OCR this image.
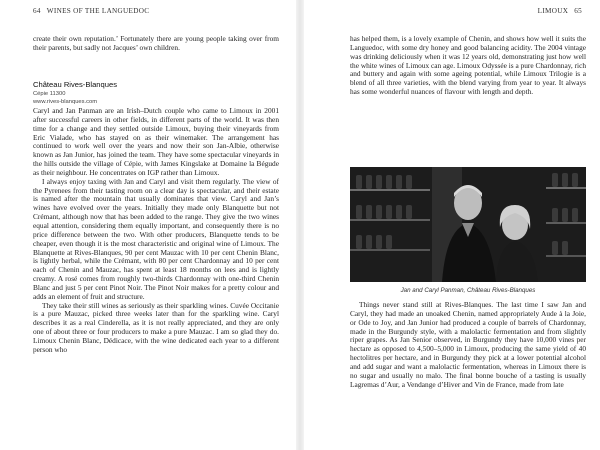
64 WINES OF THE LANGUEDOC

create their own reputation.’ Fortunately there are young people taking over from their parents, but sadly not Jacques’ own children.

Château Rives-Blanques
Cépie 11300
www.rives-blanques.com

Caryl and Jan Panman are an Irish–Dutch couple who came to Limoux in 2001 after successful careers in other fields, in different parts of the world. It was then time for a change and they settled outside Limoux, buying their vineyards from Eric Vialade, who has stayed on as their winemaker. The arrangement has continued to work well over the years and now their son Jan-Albie, otherwise known as Jan Junior, has joined the team. They have some spectacular vineyards in the hills outside the village of Cépie, with James Kingslake at Domaine la Bégude as their neighbour. He concentrates on IGP rather than Limoux.

I always enjoy taxing with Jan and Caryl and visit them regularly. The view of the Pyrenees from their tasting room on a clear day is spectacular, and their estate is named after the mountain that usually dominates that view. Caryl and Jan’s wines have evolved over the years. Initially they made only Blanquette but not Crémant, although now that has been added to the range. They give the two wines equal attention, considering them equally important, and consequently there is no price difference between the two. With other producers, Blanquette tends to be cheaper, even though it is the most characteristic and original wine of Limoux. The Blanquette at Rives-Blanques, 90 per cent Mauzac with 10 per cent Chenin Blanc, is lightly herbal, while the Crémant, with 80 per cent Chardonnay and 10 per cent each of Chenin and Mauzac, has spent at least 18 months on lees and is lightly creamy. A rosé comes from roughly two-thirds Chardonnay with one-third Chenin Blanc and just 5 per cent Pinot Noir. The Pinot Noir makes for a pretty colour and adds an element of fruit and structure.

They take their still wines as seriously as their sparkling wines. Cuvée Occitanie is a pure Mauzac, picked three weeks later than for the sparkling wine. Caryl describes it as a real Cinderella, as it is not really appreciated, and they are only one of about three or four producers to make a pure Mauzac. I am so glad they do. Limoux Chenin Blanc, Dédicace, with the wine dedicated each year to a different person who

LIMOUX 65

has helped them, is a lovely example of Chenin, and shows how well it suits the Languedoc, with some dry honey and good balancing acidity. The 2004 vintage was drinking deliciously when it was 12 years old, demonstrating just how well the white wines of Limoux can age. Limoux Odyssée is a pure Chardonnay, rich and buttery and again with some ageing potential, while Limoux Trilogie is a blend of all three varieties, with the blend varying from year to year. It always has some wonderful nuances of flavour with length and depth.

Jan and Caryl Panman, Château Rives-Blanques

Things never stand still at Rives-Blanques. The last time I saw Jan and Caryl, they had made an unoaked Chenin, named appropriately Aude à la Joie, or Ode to Joy, and Jan Junior had produced a couple of barrels of Chardonnay, made in the Burgundy style, with a malolactic fermentation and from slightly riper grapes. As Jan Senior observed, in Burgundy they have 10,000 vines per hectare as opposed to 4,500–5,000 in Limoux, producing the same yield of 40 hectolitres per hectare, and in Burgundy they pick at a lower potential alcohol and add sugar and want a malolactic fermentation, whereas in Limoux there is no sugar and usually no malo. The final bonne bouche of a tasting is usually Lagremas d’Aur, a Vendange d’Hiver and Vin de France, made from late
